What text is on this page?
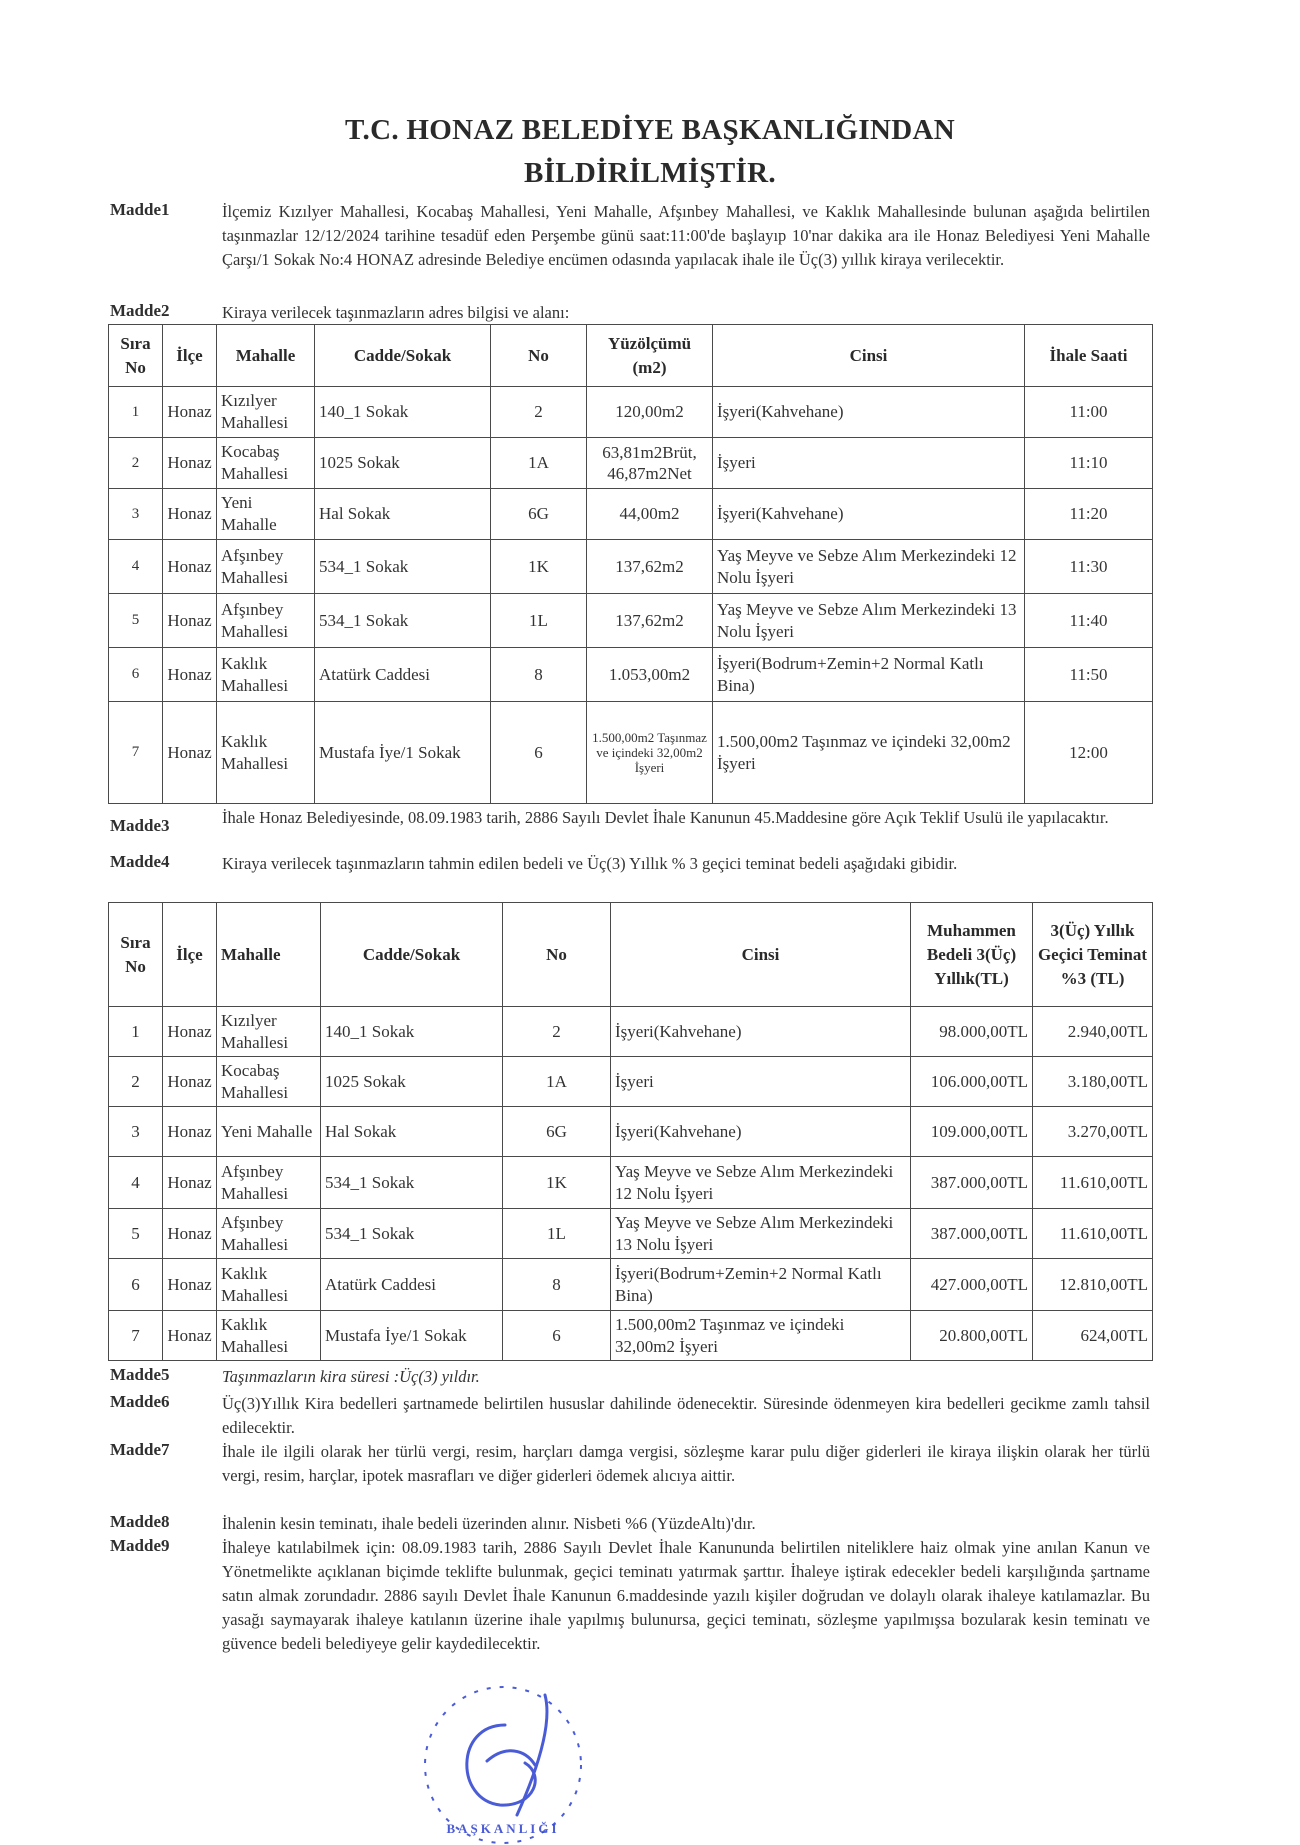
T.C. HONAZ BELEDİYE BAŞKANLIĞINDAN
BİLDİRİLMİŞTİR.
Madde1	İlçemiz Kızılyer Mahallesi, Kocabaş Mahallesi, Yeni Mahalle, Afşınbey Mahallesi, ve Kaklık Mahallesinde bulunan aşağıda belirtilen taşınmazlar 12/12/2024 tarihine tesadüf eden Perşembe günü saat:11:00'de başlayıp 10'nar dakika ara ile Honaz Belediyesi Yeni Mahalle Çarşı/1 Sokak No:4 HONAZ adresinde Belediye encümen odasında yapılacak ihale ile Üç(3) yıllık kiraya verilecektir.
Madde2	Kiraya verilecek taşınmazların adres bilgisi ve alanı:
Sıra No	İlçe	Mahalle	Cadde/Sokak	No	Yüzölçümü (m2)	Cinsi	İhale Saati
1	Honaz	Kızılyer Mahallesi	140_1 Sokak	2	120,00m2	İşyeri(Kahvehane)	11:00
2	Honaz	Kocabaş Mahallesi	1025 Sokak	1A	63,81m2Brüt, 46,87m2Net	İşyeri	11:10
3	Honaz	Yeni Mahalle	Hal Sokak	6G	44,00m2	İşyeri(Kahvehane)	11:20
4	Honaz	Afşınbey Mahallesi	534_1 Sokak	1K	137,62m2	Yaş Meyve ve Sebze Alım Merkezindeki 12 Nolu İşyeri	11:30
5	Honaz	Afşınbey Mahallesi	534_1 Sokak	1L	137,62m2	Yaş Meyve ve Sebze Alım Merkezindeki 13 Nolu İşyeri	11:40
6	Honaz	Kaklık Mahallesi	Atatürk Caddesi	8	1.053,00m2	İşyeri(Bodrum+Zemin+2 Normal Katlı Bina)	11:50
7	Honaz	Kaklık Mahallesi	Mustafa İye/1 Sokak	6	1.500,00m2 Taşınmaz ve içindeki 32,00m2 İşyeri	1.500,00m2 Taşınmaz ve içindeki 32,00m2 İşyeri	12:00
Madde3	İhale Honaz Belediyesinde, 08.09.1983 tarih, 2886 Sayılı Devlet İhale Kanunun 45.Maddesine göre Açık Teklif Usulü ile yapılacaktır.
Madde4	Kiraya verilecek taşınmazların tahmin edilen bedeli ve Üç(3) Yıllık % 3 geçici teminat bedeli aşağıdaki gibidir.
Sıra No	İlçe	Mahalle	Cadde/Sokak	No	Cinsi	Muhammen Bedeli 3(Üç) Yıllık(TL)	3(Üç) Yıllık Geçici Teminat %3 (TL)
1	Honaz	Kızılyer Mahallesi	140_1 Sokak	2	İşyeri(Kahvehane)	98.000,00TL	2.940,00TL
2	Honaz	Kocabaş Mahallesi	1025 Sokak	1A	İşyeri	106.000,00TL	3.180,00TL
3	Honaz	Yeni Mahalle	Hal Sokak	6G	İşyeri(Kahvehane)	109.000,00TL	3.270,00TL
4	Honaz	Afşınbey Mahallesi	534_1 Sokak	1K	Yaş Meyve ve Sebze Alım Merkezindeki 12 Nolu İşyeri	387.000,00TL	11.610,00TL
5	Honaz	Afşınbey Mahallesi	534_1 Sokak	1L	Yaş Meyve ve Sebze Alım Merkezindeki 13 Nolu İşyeri	387.000,00TL	11.610,00TL
6	Honaz	Kaklık Mahallesi	Atatürk Caddesi	8	İşyeri(Bodrum+Zemin+2 Normal Katlı Bina)	427.000,00TL	12.810,00TL
7	Honaz	Kaklık Mahallesi	Mustafa İye/1 Sokak	6	1.500,00m2 Taşınmaz ve içindeki 32,00m2 İşyeri	20.800,00TL	624,00TL
Madde5	Taşınmazların kira süresi :Üç(3) yıldır.
Madde6	Üç(3)Yıllık Kira bedelleri şartnamede belirtilen hususlar dahilinde ödenecektir. Süresinde ödenmeyen kira bedelleri gecikme zamlı tahsil edilecektir.
Madde7	İhale ile ilgili olarak her türlü vergi, resim, harçları damga vergisi, sözleşme karar pulu diğer giderleri ile kiraya ilişkin olarak her türlü vergi, resim, harçlar, ipotek masrafları ve diğer giderleri ödemek alıcıya aittir.
Madde8	İhalenin kesin teminatı, ihale bedeli üzerinden alınır. Nisbeti %6 (YüzdeAltı)'dır.
Madde9	İhaleye katılabilmek için: 08.09.1983 tarih, 2886 Sayılı Devlet İhale Kanununda belirtilen niteliklere haiz olmak yine anılan Kanun ve Yönetmelikte açıklanan biçimde teklifte bulunmak, geçici teminatı yatırmak şarttır. İhaleye iştirak edecekler bedeli karşılığında şartname satın almak zorundadır. 2886 sayılı Devlet İhale Kanunun 6.maddesinde yazılı kişiler doğrudan ve dolaylı olarak ihaleye katılamazlar. Bu yasağı saymayarak ihaleye katılanın üzerine ihale yapılmış bulunursa, geçici teminatı, sözleşme yapılmışsa bozularak kesin teminatı ve güvence bedeli belediyeye gelir kaydedilecektir.
BAŞKANLIĞI
